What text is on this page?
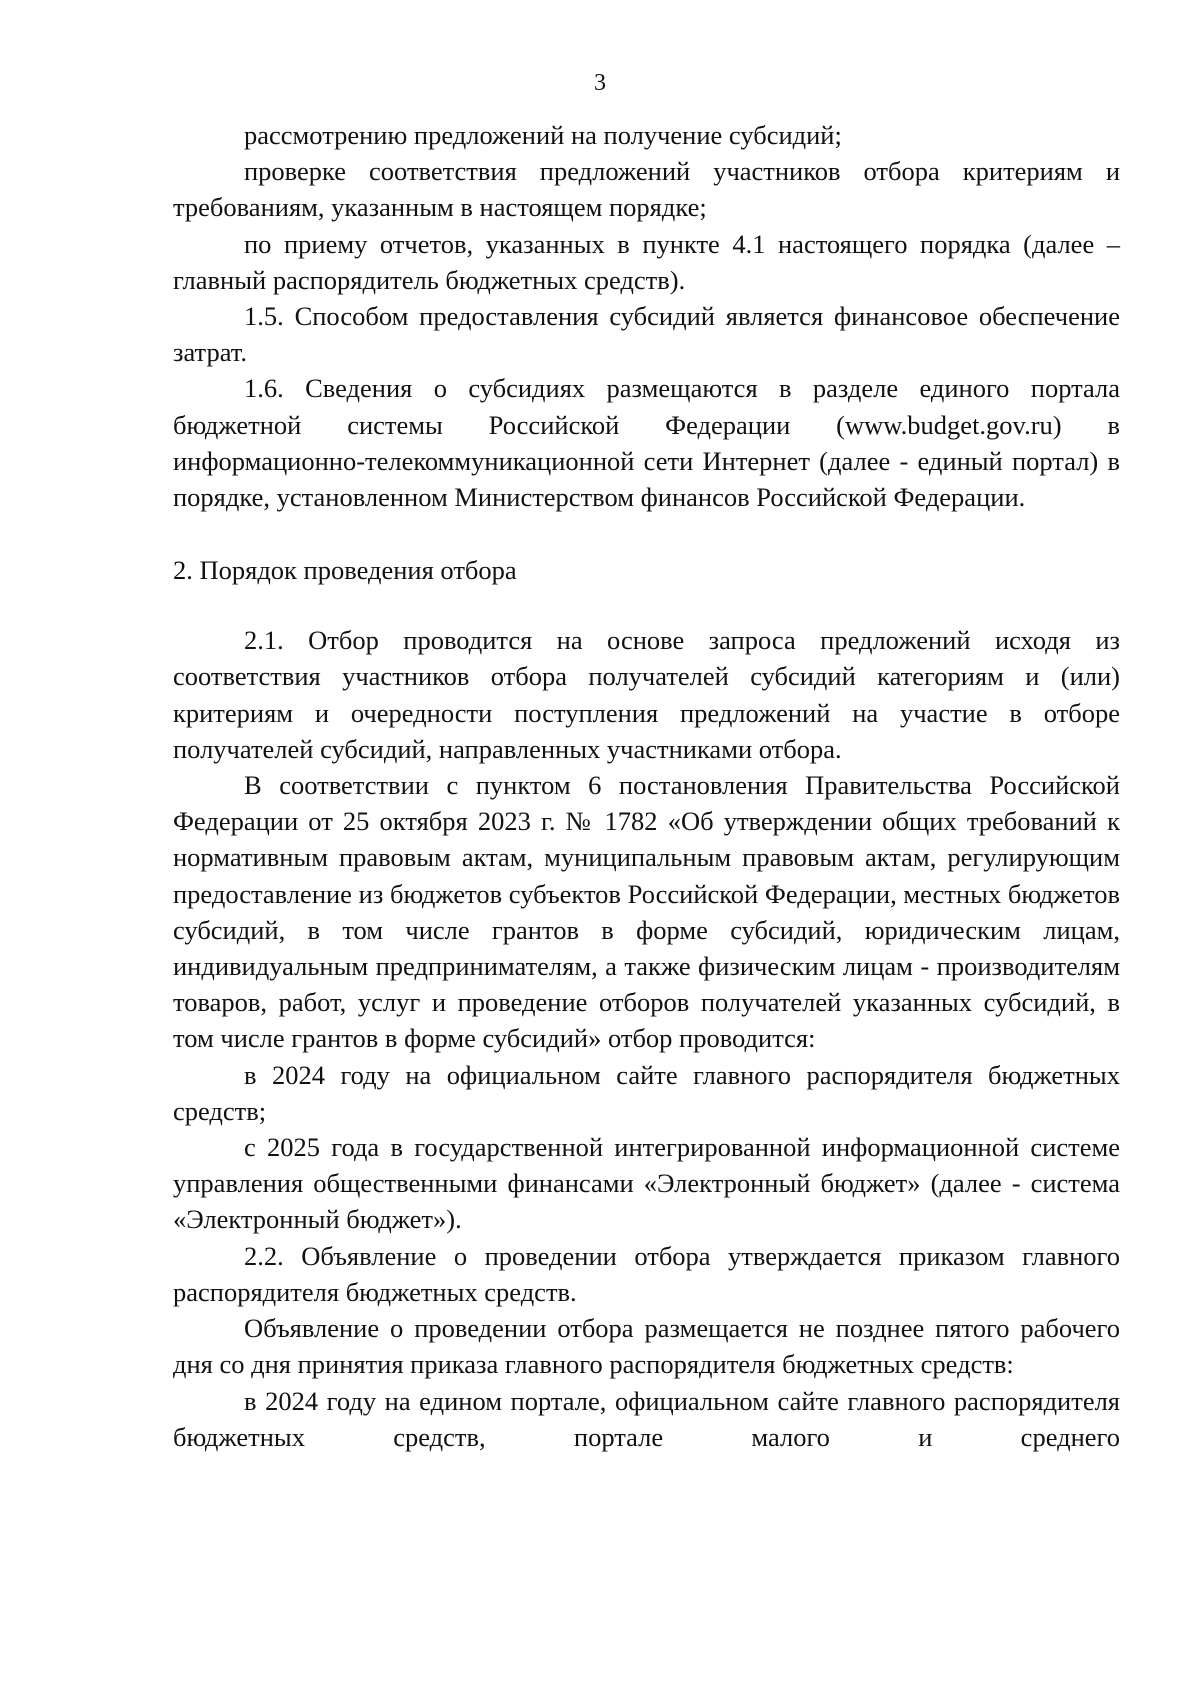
3

рассмотрению предложений на получение субсидий;

проверке соответствия предложений участников отбора критериям и требованиям, указанным в настоящем порядке;

по приему отчетов, указанных в пункте 4.1 настоящего порядка (далее – главный распорядитель бюджетных средств).

1.5. Способом предоставления субсидий является финансовое обеспечение затрат.

1.6. Сведения о субсидиях размещаются в разделе единого портала бюджетной системы Российской Федерации (www.budget.gov.ru) в информационно-телекоммуникационной сети Интернет (далее - единый портал) в порядке, установленном Министерством финансов Российской Федерации.

2. Порядок проведения отбора

2.1. Отбор проводится на основе запроса предложений исходя из соответствия участников отбора получателей субсидий категориям и (или) критериям и очередности поступления предложений на участие в отборе получателей субсидий, направленных участниками отбора.

В соответствии с пунктом 6 постановления Правительства Российской Федерации от 25 октября 2023 г. № 1782 «Об утверждении общих требований к нормативным правовым актам, муниципальным правовым актам, регулирующим предоставление из бюджетов субъектов Российской Федерации, местных бюджетов субсидий, в том числе грантов в форме субсидий, юридическим лицам, индивидуальным предпринимателям, а также физическим лицам - производителям товаров, работ, услуг и проведение отборов получателей указанных субсидий, в том числе грантов в форме субсидий» отбор проводится:

в 2024 году на официальном сайте главного распорядителя бюджетных средств;

с 2025 года в государственной интегрированной информационной системе управления общественными финансами «Электронный бюджет» (далее - система «Электронный бюджет»).

2.2. Объявление о проведении отбора утверждается приказом главного распорядителя бюджетных средств.

Объявление о проведении отбора размещается не позднее пятого рабочего дня со дня принятия приказа главного распорядителя бюджетных средств:

в 2024 году на едином портале, официальном сайте главного распорядителя бюджетных средств, портале малого и среднего
